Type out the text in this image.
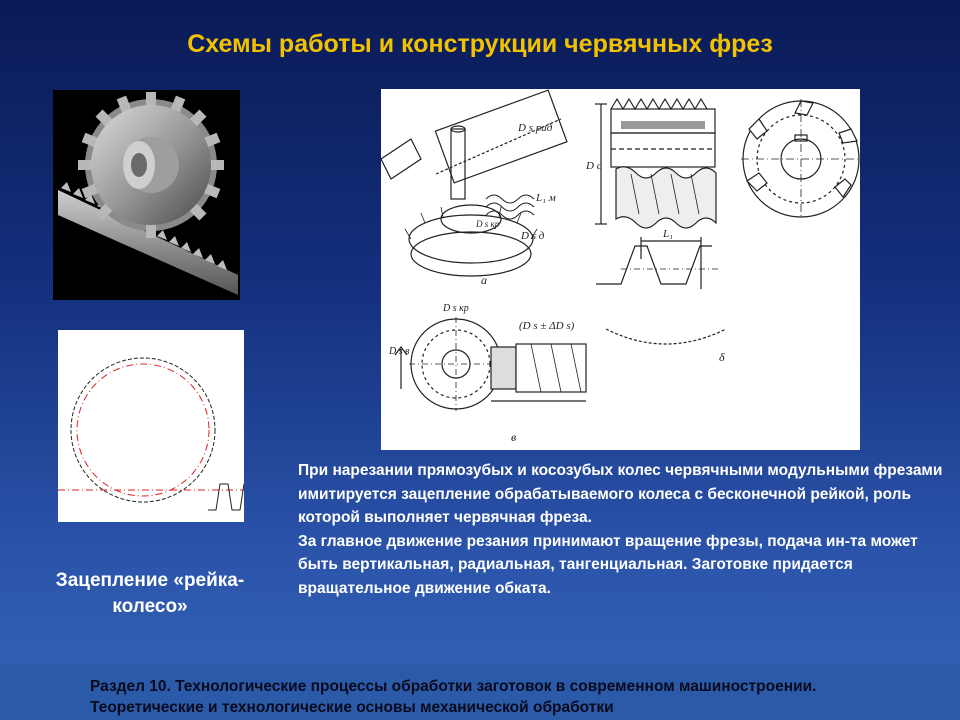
Схемы работы и конструкции червячных фрез
D s рад
L₁ м
D s д
D s кр
а
D c
L₁
δ
D s в
D s кр
(D s ± ΔD s)
в
Зацепление «рейка-колесо»

При нарезании прямозубых и косозубых колес червячными модульными фрезами имитируется зацепление обрабатываемого колеса с бесконечной рейкой, роль которой выполняет червячная фреза.

За главное движение резания принимают вращение фрезы, подача ин-та может быть вертикальная, радиальная, тангенциальная. Заготовке придается вращательное движение обката.

Раздел 10. Технологические процессы обработки заготовок в современном машиностроении. Теоретические и технологические основы механической обработки
